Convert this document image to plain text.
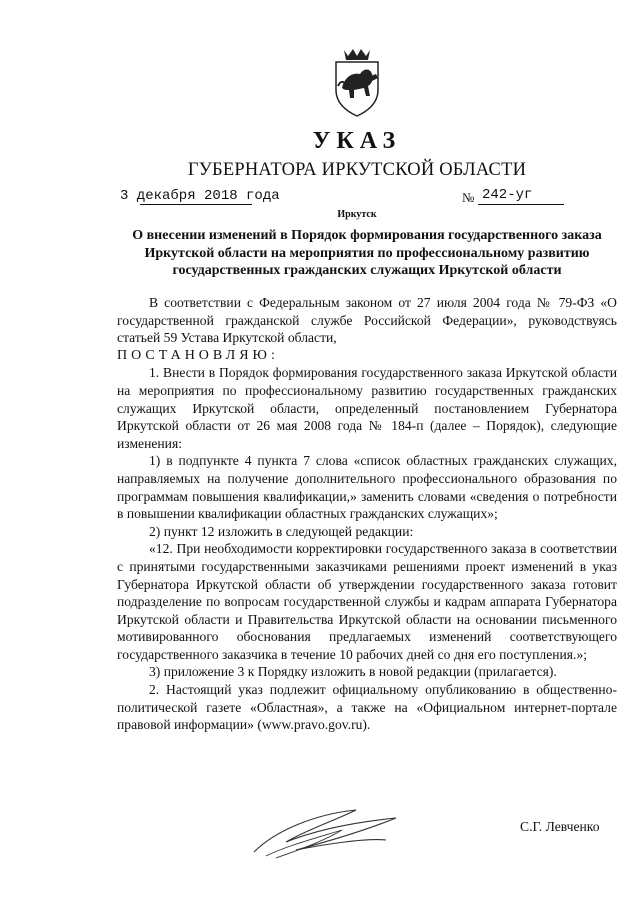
УКАЗ
ГУБЕРНАТОРА ИРКУТСКОЙ ОБЛАСТИ
3 декабря 2018 года	№ 242-уг
Иркутск
О внесении изменений в Порядок формирования государственного заказа Иркутской области на мероприятия по профессиональному развитию государственных гражданских служащих Иркутской области

В соответствии с Федеральным законом от 27 июля 2004 года № 79-ФЗ «О государственной гражданской службе Российской Федерации», руководствуясь статьей 59 Устава Иркутской области,

ПОСТАНОВЛЯЮ:

1. Внести в Порядок формирования государственного заказа Иркутской области на мероприятия по профессиональному развитию государственных гражданских служащих Иркутской области, определенный постановлением Губернатора Иркутской области от 26 мая 2008 года № 184-п (далее – Порядок), следующие изменения:

1) в подпункте 4 пункта 7 слова «список областных гражданских служащих, направляемых на получение дополнительного профессионального образования по программам повышения квалификации,» заменить словами «сведения о потребности в повышении квалификации областных гражданских служащих»;

2) пункт 12 изложить в следующей редакции:

«12. При необходимости корректировки государственного заказа в соответствии с принятыми государственными заказчиками решениями проект изменений в указ Губернатора Иркутской области об утверждении государственного заказа готовит подразделение по вопросам государственной службы и кадрам аппарата Губернатора Иркутской области и Правительства Иркутской области на основании письменного мотивированного обоснования предлагаемых изменений соответствующего государственного заказчика в течение 10 рабочих дней со дня его поступления.»;

3) приложение 3 к Порядку изложить в новой редакции (прилагается).

2. Настоящий указ подлежит официальному опубликованию в общественно-политической газете «Областная», а также на «Официальном интернет-портале правовой информации» (www.pravo.gov.ru).

С.Г. Левченко
